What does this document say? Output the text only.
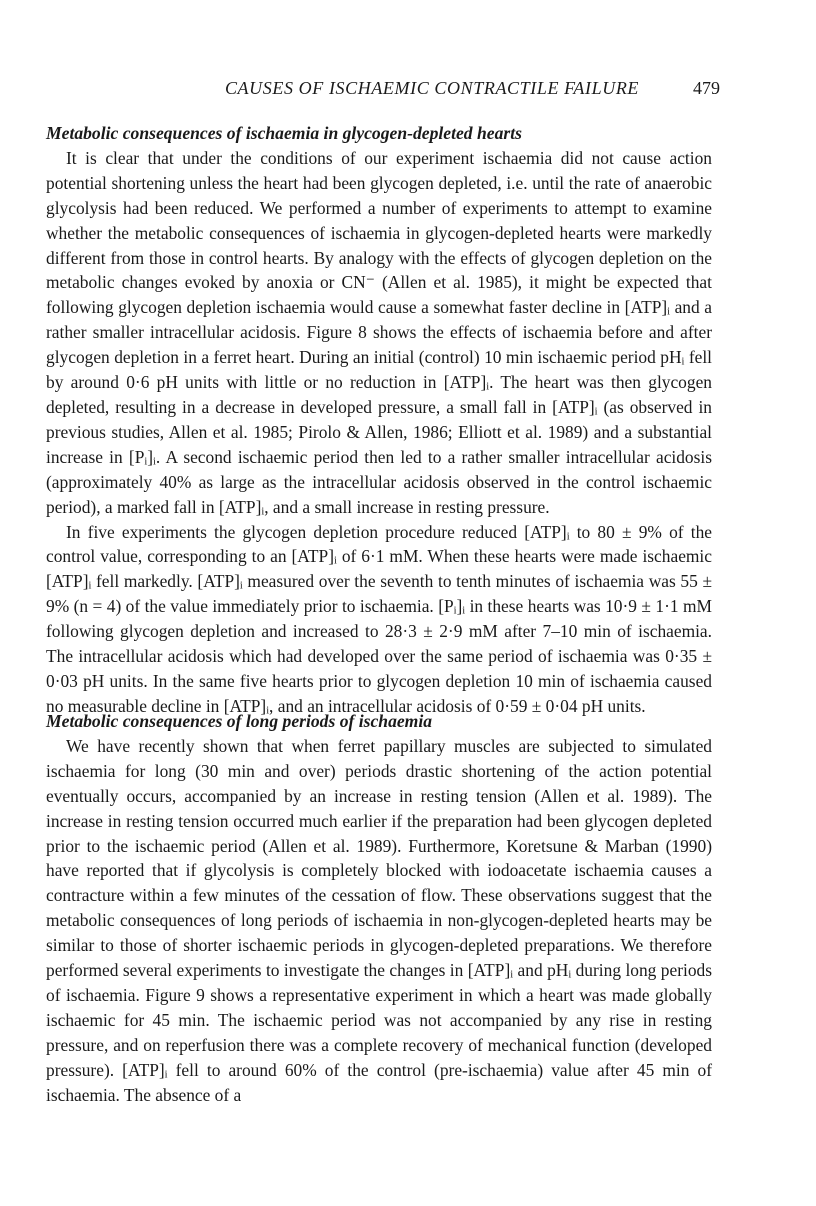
CAUSES OF ISCHAEMIC CONTRACTILE FAILURE	479
Metabolic consequences of ischaemia in glycogen-depleted hearts

It is clear that under the conditions of our experiment ischaemia did not cause action potential shortening unless the heart had been glycogen depleted, i.e. until the rate of anaerobic glycolysis had been reduced. We performed a number of experiments to attempt to examine whether the metabolic consequences of ischaemia in glycogen-depleted hearts were markedly different from those in control hearts. By analogy with the effects of glycogen depletion on the metabolic changes evoked by anoxia or CN⁻ (Allen et al. 1985), it might be expected that following glycogen depletion ischaemia would cause a somewhat faster decline in [ATP]ᵢ and a rather smaller intracellular acidosis. Figure 8 shows the effects of ischaemia before and after glycogen depletion in a ferret heart. During an initial (control) 10 min ischaemic period pHᵢ fell by around 0·6 pH units with little or no reduction in [ATP]ᵢ. The heart was then glycogen depleted, resulting in a decrease in developed pressure, a small fall in [ATP]ᵢ (as observed in previous studies, Allen et al. 1985; Pirolo & Allen, 1986; Elliott et al. 1989) and a substantial increase in [Pᵢ]ᵢ. A second ischaemic period then led to a rather smaller intracellular acidosis (approximately 40% as large as the intracellular acidosis observed in the control ischaemic period), a marked fall in [ATP]ᵢ, and a small increase in resting pressure.

In five experiments the glycogen depletion procedure reduced [ATP]ᵢ to 80 ± 9% of the control value, corresponding to an [ATP]ᵢ of 6·1 mM. When these hearts were made ischaemic [ATP]ᵢ fell markedly. [ATP]ᵢ measured over the seventh to tenth minutes of ischaemia was 55 ± 9% (n = 4) of the value immediately prior to ischaemia. [Pᵢ]ᵢ in these hearts was 10·9 ± 1·1 mM following glycogen depletion and increased to 28·3 ± 2·9 mM after 7–10 min of ischaemia. The intracellular acidosis which had developed over the same period of ischaemia was 0·35 ± 0·03 pH units. In the same five hearts prior to glycogen depletion 10 min of ischaemia caused no measurable decline in [ATP]ᵢ, and an intracellular acidosis of 0·59 ± 0·04 pH units.

Metabolic consequences of long periods of ischaemia

We have recently shown that when ferret papillary muscles are subjected to simulated ischaemia for long (30 min and over) periods drastic shortening of the action potential eventually occurs, accompanied by an increase in resting tension (Allen et al. 1989). The increase in resting tension occurred much earlier if the preparation had been glycogen depleted prior to the ischaemic period (Allen et al. 1989). Furthermore, Koretsune & Marban (1990) have reported that if glycolysis is completely blocked with iodoacetate ischaemia causes a contracture within a few minutes of the cessation of flow. These observations suggest that the metabolic consequences of long periods of ischaemia in non-glycogen-depleted hearts may be similar to those of shorter ischaemic periods in glycogen-depleted preparations. We therefore performed several experiments to investigate the changes in [ATP]ᵢ and pHᵢ during long periods of ischaemia. Figure 9 shows a representative experiment in which a heart was made globally ischaemic for 45 min. The ischaemic period was not accompanied by any rise in resting pressure, and on reperfusion there was a complete recovery of mechanical function (developed pressure). [ATP]ᵢ fell to around 60% of the control (pre-ischaemia) value after 45 min of ischaemia. The absence of a
